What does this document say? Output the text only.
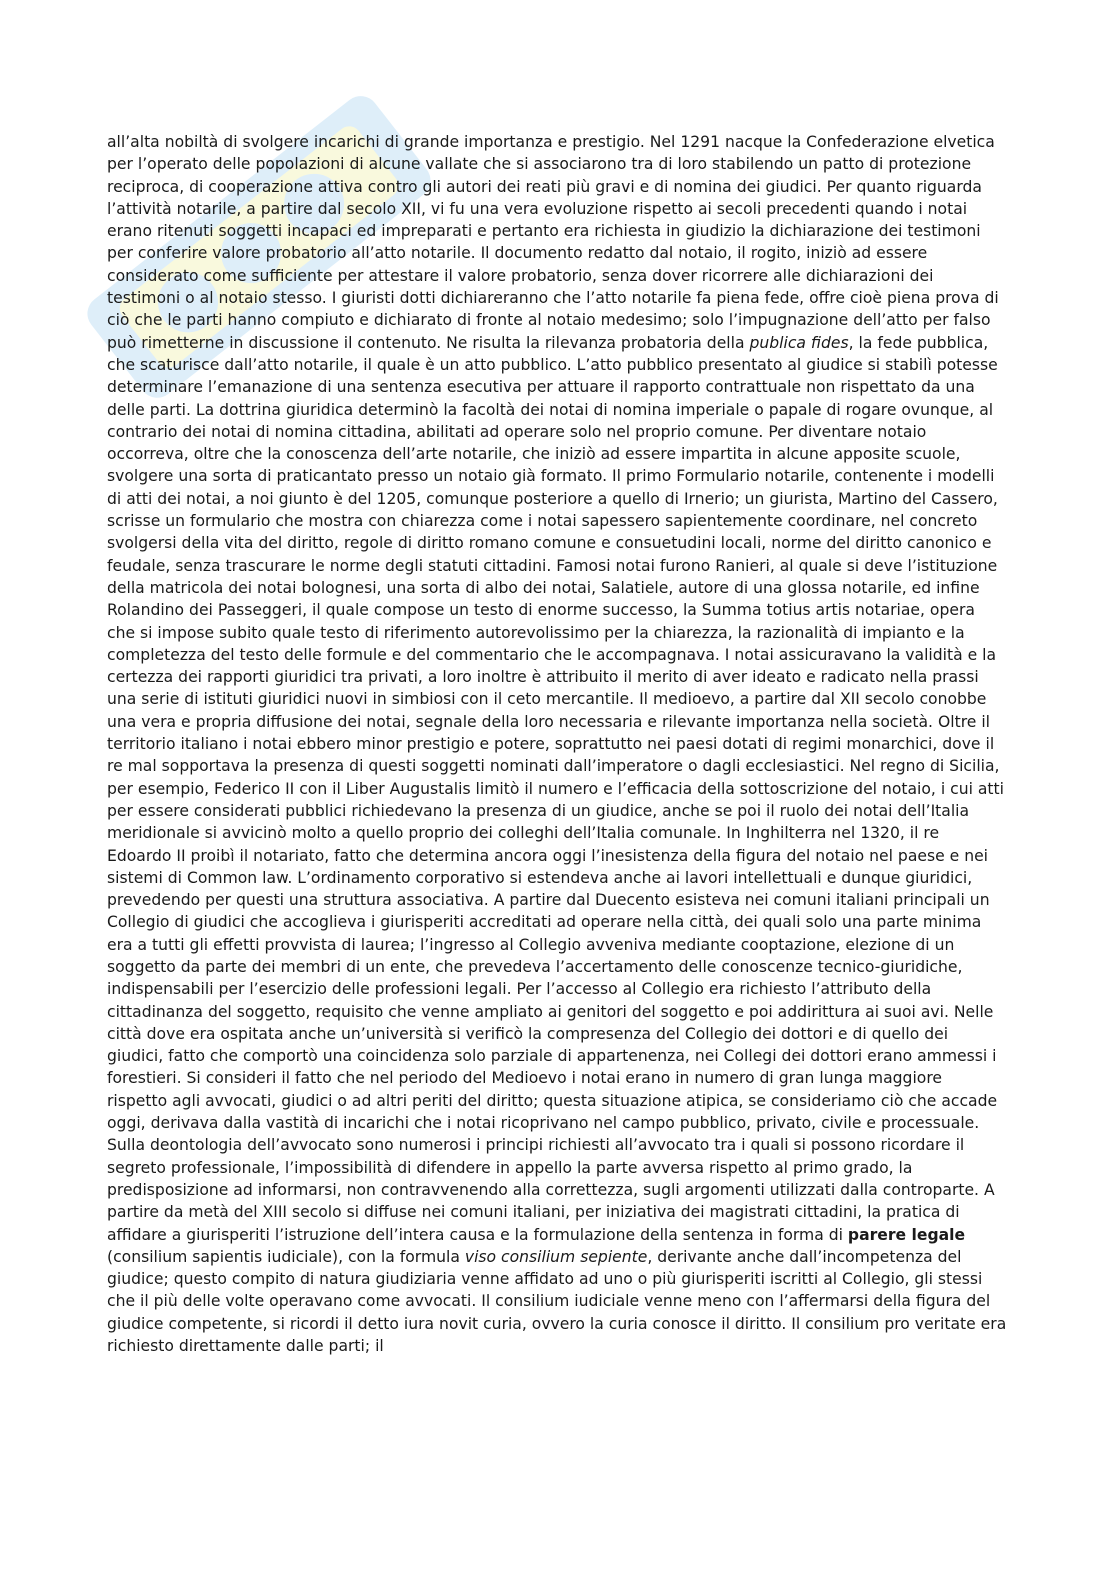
all’alta nobiltà di svolgere incarichi di grande importanza e prestigio. Nel 1291 nacque la Confederazione elvetica per l’operato delle popolazioni di alcune vallate che si associarono tra di loro stabilendo un patto di protezione reciproca, di cooperazione attiva contro gli autori dei reati più gravi e di nomina dei giudici. Per quanto riguarda l’attività notarile, a partire dal secolo XII, vi fu una vera evoluzione rispetto ai secoli precedenti quando i notai erano ritenuti soggetti incapaci ed impreparati e pertanto era richiesta in giudizio la dichiarazione dei testimoni per conferire valore probatorio all’atto notarile. Il documento redatto dal notaio, il rogito, iniziò ad essere considerato come sufficiente per attestare il valore probatorio, senza dover ricorrere alle dichiarazioni dei testimoni o al notaio stesso. I giuristi dotti dichiareranno che l’atto notarile fa piena fede, offre cioè piena prova di ciò che le parti hanno compiuto e dichiarato di fronte al notaio medesimo; solo l’impugnazione dell’atto per falso può rimetterne in discussione il contenuto. Ne risulta la rilevanza probatoria della publica fides, la fede pubblica, che scaturisce dall’atto notarile, il quale è un atto pubblico. L’atto pubblico presentato al giudice si stabilì potesse determinare l’emanazione di una sentenza esecutiva per attuare il rapporto contrattuale non rispettato da una delle parti. La dottrina giuridica determinò la facoltà dei notai di nomina imperiale o papale di rogare ovunque, al contrario dei notai di nomina cittadina, abilitati ad operare solo nel proprio comune. Per diventare notaio occorreva, oltre che la conoscenza dell’arte notarile, che iniziò ad essere impartita in alcune apposite scuole, svolgere una sorta di praticantato presso un notaio già formato. Il primo Formulario notarile, contenente i modelli di atti dei notai, a noi giunto è del 1205, comunque posteriore a quello di Irnerio; un giurista, Martino del Cassero, scrisse un formulario che mostra con chiarezza come i notai sapessero sapientemente coordinare, nel concreto svolgersi della vita del diritto, regole di diritto romano comune e consuetudini locali, norme del diritto canonico e feudale, senza trascurare le norme degli statuti cittadini. Famosi notai furono Ranieri, al quale si deve l’istituzione della matricola dei notai bolognesi, una sorta di albo dei notai, Salatiele, autore di una glossa notarile, ed infine Rolandino dei Passeggeri, il quale compose un testo di enorme successo, la Summa totius artis notariae, opera che si impose subito quale testo di riferimento autorevolissimo per la chiarezza, la razionalità di impianto e la completezza del testo delle formule e del commentario che le accompagnava. I notai assicuravano la validità e la certezza dei rapporti giuridici tra privati, a loro inoltre è attribuito il merito di aver ideato e radicato nella prassi una serie di istituti giuridici nuovi in simbiosi con il ceto mercantile. Il medioevo, a partire dal XII secolo conobbe una vera e propria diffusione dei notai, segnale della loro necessaria e rilevante importanza nella società. Oltre il territorio italiano i notai ebbero minor prestigio e potere, soprattutto nei paesi dotati di regimi monarchici, dove il re mal sopportava la presenza di questi soggetti nominati dall’imperatore o dagli ecclesiastici. Nel regno di Sicilia, per esempio, Federico II con il Liber Augustalis limitò il numero e l’efficacia della sottoscrizione del notaio, i cui atti per essere considerati pubblici richiedevano la presenza di un giudice, anche se poi il ruolo dei notai dell’Italia meridionale si avvicinò molto a quello proprio dei colleghi dell’Italia comunale. In Inghilterra nel 1320, il re Edoardo II proibì il notariato, fatto che determina ancora oggi l’inesistenza della figura del notaio nel paese e nei sistemi di Common law. L’ordinamento corporativo si estendeva anche ai lavori intellettuali e dunque giuridici, prevedendo per questi una struttura associativa. A partire dal Duecento esisteva nei comuni italiani principali un Collegio di giudici che accoglieva i giurisperiti accreditati ad operare nella città, dei quali solo una parte minima era a tutti gli effetti provvista di laurea; l’ingresso al Collegio avveniva mediante cooptazione, elezione di un soggetto da parte dei membri di un ente, che prevedeva l’accertamento delle conoscenze tecnico-giuridiche, indispensabili per l’esercizio delle professioni legali. Per l’accesso al Collegio era richiesto l’attributo della cittadinanza del soggetto, requisito che venne ampliato ai genitori del soggetto e poi addirittura ai suoi avi. Nelle città dove era ospitata anche un’università si verificò la compresenza del Collegio dei dottori e di quello dei giudici, fatto che comportò una coincidenza solo parziale di appartenenza, nei Collegi dei dottori erano ammessi i forestieri. Si consideri il fatto che nel periodo del Medioevo i notai erano in numero di gran lunga maggiore rispetto agli avvocati, giudici o ad altri periti del diritto; questa situazione atipica, se consideriamo ciò che accade oggi, derivava dalla vastità di incarichi che i notai ricoprivano nel campo pubblico, privato, civile e processuale. Sulla deontologia dell’avvocato sono numerosi i principi richiesti all’avvocato tra i quali si possono ricordare il segreto professionale, l’impossibilità di difendere in appello la parte avversa rispetto al primo grado, la predisposizione ad informarsi, non contravvenendo alla correttezza, sugli argomenti utilizzati dalla controparte. A partire da metà del XIII secolo si diffuse nei comuni italiani, per iniziativa dei magistrati cittadini, la pratica di affidare a giurisperiti l’istruzione dell’intera causa e la formulazione della sentenza in forma di parere legale (consilium sapientis iudiciale), con la formula viso consilium sepiente, derivante anche dall’incompetenza del giudice; questo compito di natura giudiziaria venne affidato ad uno o più giurisperiti iscritti al Collegio, gli stessi che il più delle volte operavano come avvocati. Il consilium iudiciale venne meno con l’affermarsi della figura del giudice competente, si ricordi il detto iura novit curia, ovvero la curia conosce il diritto. Il consilium pro veritate era richiesto direttamente dalle parti; il
